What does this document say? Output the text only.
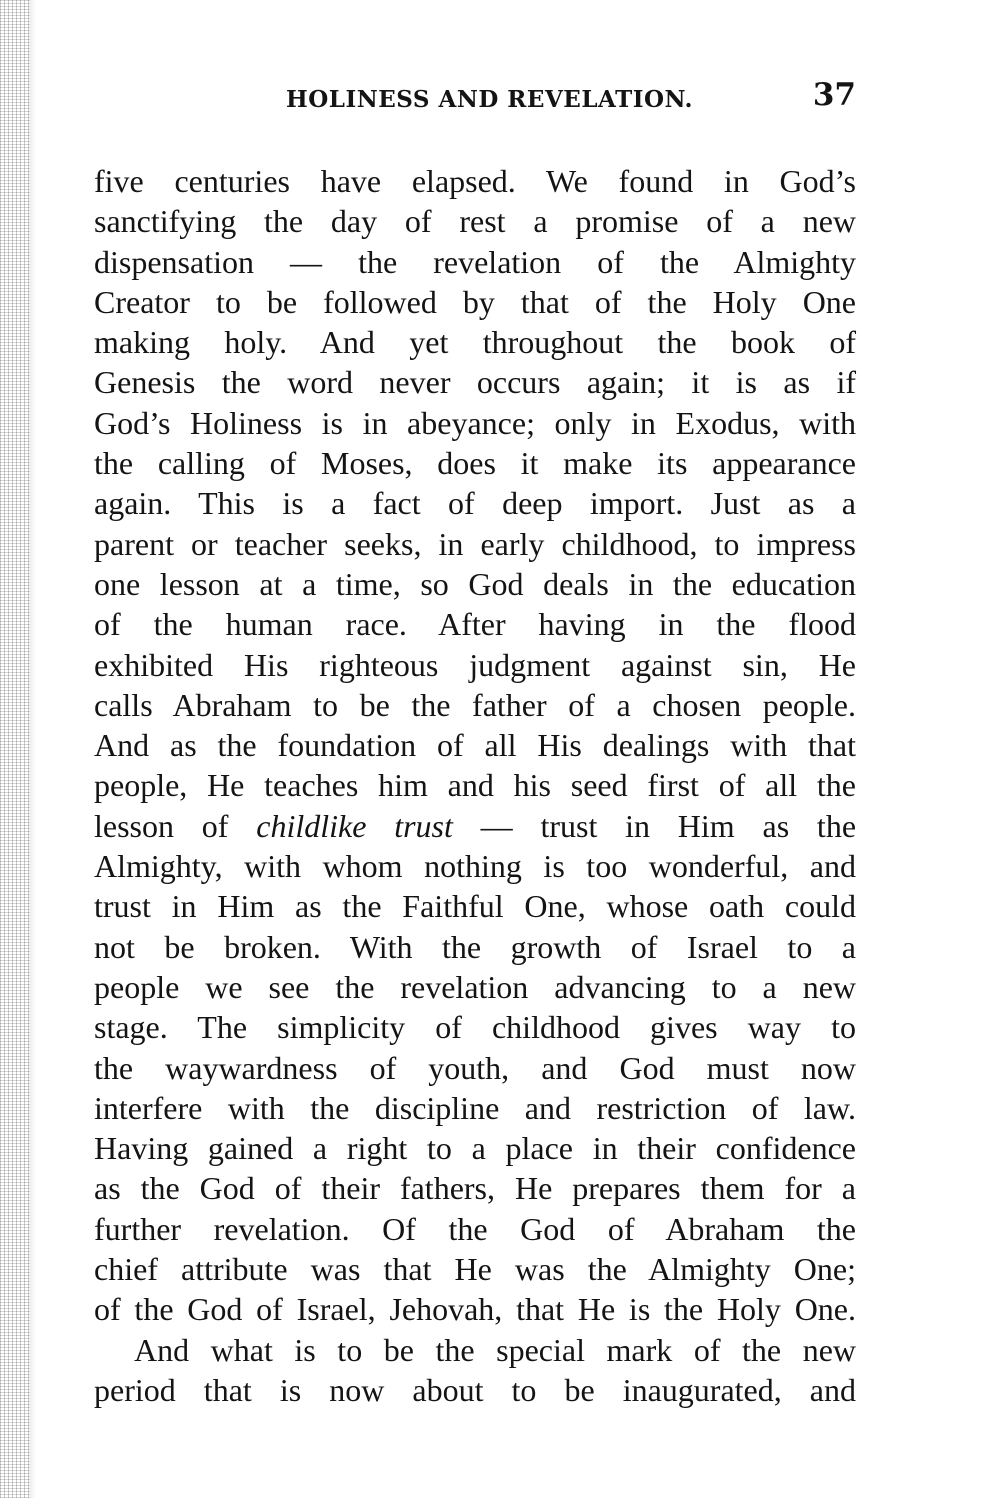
HOLINESS AND REVELATION.	37
five centuries have elapsed. We found in God’s
sanctifying the day of rest a promise of a new
dispensation — the revelation of the Almighty
Creator to be followed by that of the Holy One
making holy. And yet throughout the book of
Genesis the word never occurs again; it is as if
God’s Holiness is in abeyance; only in Exodus, with
the calling of Moses, does it make its appearance
again. This is a fact of deep import. Just as a
parent or teacher seeks, in early childhood, to impress
one lesson at a time, so God deals in the education
of the human race. After having in the flood
exhibited His righteous judgment against sin, He
calls Abraham to be the father of a chosen people.
And as the foundation of all His dealings with that
people, He teaches him and his seed first of all the
lesson of childlike trust — trust in Him as the
Almighty, with whom nothing is too wonderful, and
trust in Him as the Faithful One, whose oath could
not be broken. With the growth of Israel to a
people we see the revelation advancing to a new
stage. The simplicity of childhood gives way to
the waywardness of youth, and God must now
interfere with the discipline and restriction of law.
Having gained a right to a place in their confidence
as the God of their fathers, He prepares them for a
further revelation. Of the God of Abraham the
chief attribute was that He was the Almighty One;
of the God of Israel, Jehovah, that He is the Holy One.
And what is to be the special mark of the new
period that is now about to be inaugurated, and
